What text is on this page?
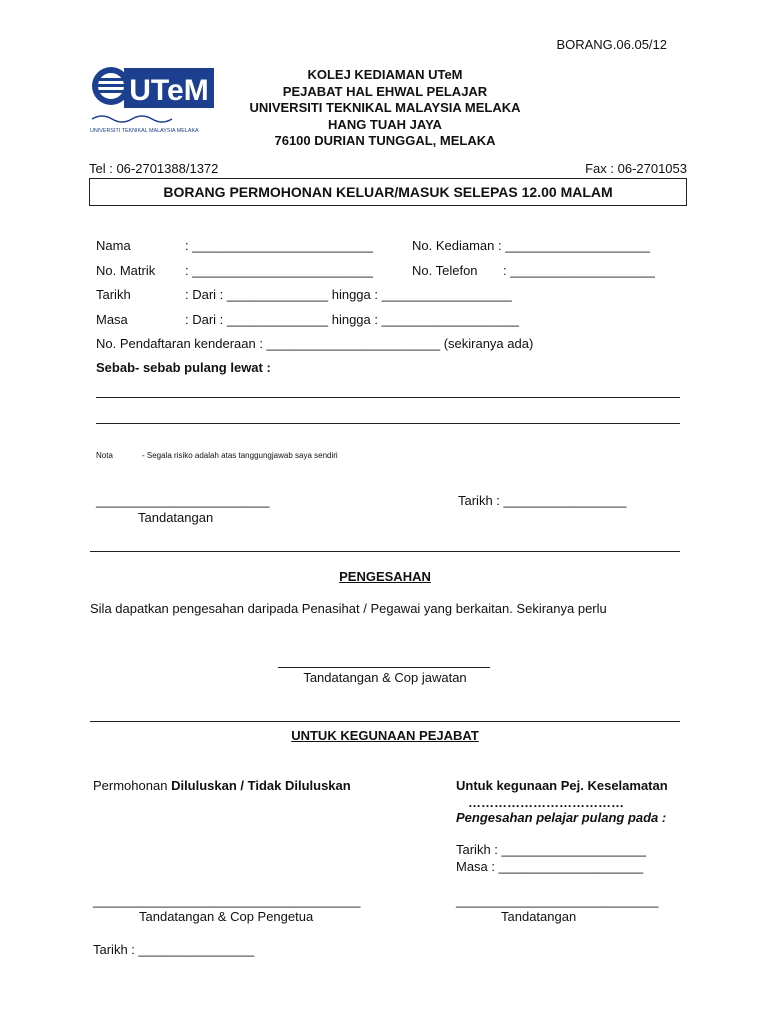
BORANG.06.05/12
UTeM
UNIVERSITI TEKNIKAL MALAYSIA MELAKA
KOLEJ KEDIAMAN UTeM
PEJABAT HAL EHWAL PELAJAR
UNIVERSITI TEKNIKAL MALAYSIA MELAKA
HANG TUAH JAYA
76100 DURIAN TUNGGAL, MELAKA
Tel : 06-2701388/1372	Fax : 06-2701053
BORANG PERMOHONAN KELUAR/MASUK SELEPAS 12.00 MALAM
Nama	: _________________________	No. Kediaman : ____________________
No. Matrik : _________________________	No. Telefon : ____________________
Tarikh	: Dari : ______________ hingga : __________________
Masa	: Dari : ______________ hingga : ___________________
No. Pendaftaran kenderaan : ________________________ (sekiranya ada)
Sebab- sebab pulang lewat :
Nota	- Segala risiko adalah atas tanggungjawab saya sendiri
________________________
Tandatangan
Tarikh : _________________
PENGESAHAN
Sila dapatkan pengesahan daripada Penasihat / Pegawai yang berkaitan. Sekiranya perlu
Tandatangan & Cop jawatan
UNTUK KEGUNAAN PEJABAT
Permohonan Diluluskan / Tidak Diluluskan	Untuk kegunaan Pej. Keselamatan
………………………………
Pengesahan pelajar pulang pada :
Tarikh : ____________________
Masa : ____________________
_____________________________________
Tandatangan & Cop Pengetua
____________________________
Tandatangan
Tarikh : ________________
